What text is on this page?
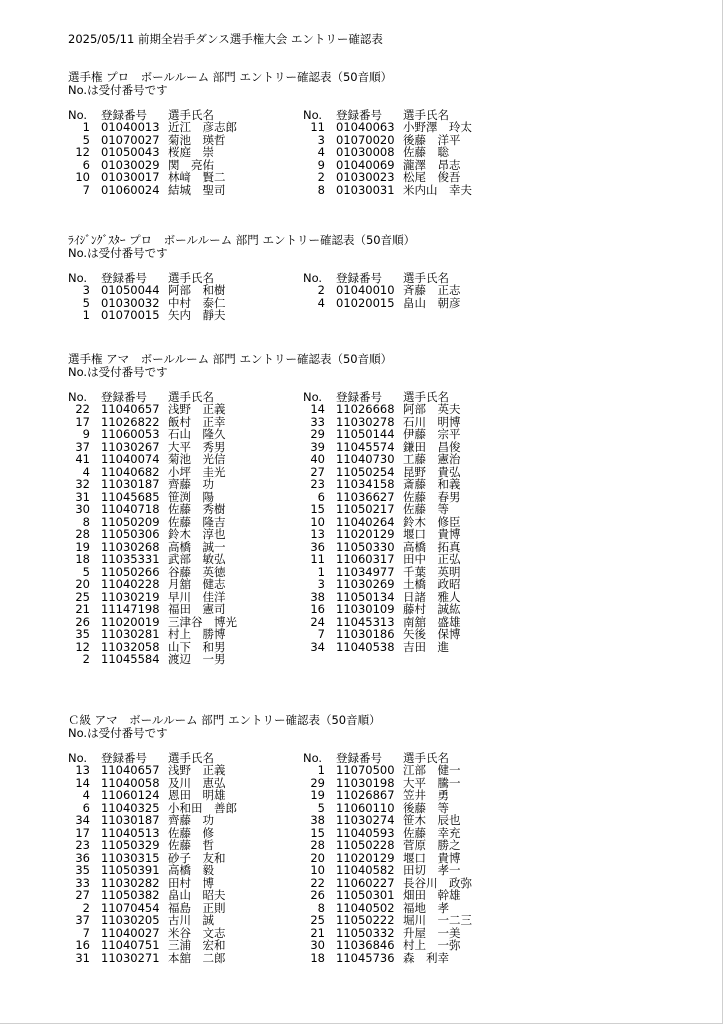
2025/05/11 前期全岩手ダンス選手権大会 エントリー確認表
選手権 プロ　ボールルーム 部門 エントリー確認表（50音順）
No.は受付番号です
No. 登録番号 選手氏名
1 01040013 近江　彦志郎
5 01070027 菊池　瑛哲
12 01050043 桜庭　崇
6 01030029 関　亮佑
10 01030017 林﨑　賢二
7 01060024 結城　聖司
No. 登録番号 選手氏名
11 01040063 小野澤　玲太
3 01070020 後藤　洋平
4 01030008 佐藤　聡
9 01040069 瀧澤　昂志
2 01030023 松尾　俊吾
8 01030031 米内山　幸夫
ﾗｲｼﾞﾝｸﾞｽﾀｰ プロ　ボールルーム 部門 エントリー確認表（50音順）
No.は受付番号です
No. 登録番号 選手氏名
3 01050044 阿部　和樹
5 01030032 中村　泰仁
1 01070015 矢内　靜夫
No. 登録番号 選手氏名
2 01040010 斉藤　正志
4 01020015 畠山　朝彦
選手権 アマ　ボールルーム 部門 エントリー確認表（50音順）
No.は受付番号です
No. 登録番号 選手氏名
22 11040657 浅野　正義
17 11026822 飯村　正幸
9 11060053 石山　隆久
37 11030267 大平　秀男
41 11040074 菊池　光信
4 11040682 小坪　圭光
32 11030187 齊藤　功
31 11045685 笹渕　陽
30 11040718 佐藤　秀樹
8 11050209 佐藤　隆吉
28 11050306 鈴木　淳也
19 11030268 高橋　誠一
18 11035331 武部　敏弘
5 11050266 谷藤　英徳
20 11040228 月舘　健志
25 11030219 早川　佳洋
21 11147198 福田　憲司
26 11020019 三津谷　博光
35 11030281 村上　勝博
12 11032058 山下　和男
2 11045584 渡辺　一男
No. 登録番号 選手氏名
14 11026668 阿部　英夫
33 11030278 石川　明博
29 11050144 伊藤　宗平
39 11045574 鎌田　昌俊
40 11040730 工藤　憲治
27 11050254 昆野　貴弘
23 11034158 斎藤　和義
6 11036627 佐藤　春男
15 11050217 佐藤　等
10 11040264 鈴木　修臣
13 11020129 堰口　貴博
36 11050330 高橋　拓真
11 11060317 田中　正弘
1 11034977 千葉　英明
3 11030269 土橋　政昭
38 11050134 日諸　雅人
16 11030109 藤村　誠紘
24 11045313 南舘　盛雄
7 11030186 矢後　保博
34 11040538 吉田　進
Ｃ級 アマ　ボールルーム 部門 エントリー確認表（50音順）
No.は受付番号です
No. 登録番号 選手氏名
13 11040657 浅野　正義
14 11040058 及川　恵弘
4 11060124 恩田　明雄
6 11040325 小和田　善郎
34 11030187 齊藤　功
17 11040513 佐藤　修
23 11050329 佐藤　哲
36 11030315 砂子　友和
35 11050391 高橋　毅
33 11030282 田村　博
27 11050382 畠山　昭夫
2 11070454 福島　正則
37 11030205 古川　誠
7 11040027 米谷　文志
16 11040751 三浦　宏和
31 11030271 本舘　二郎
No. 登録番号 選手氏名
1 11070500 江部　健一
29 11030198 大平　騰一
19 11026867 笠井　勇
5 11060110 後藤　等
38 11030274 笹木　辰也
15 11040593 佐藤　幸充
28 11050228 菅原　勝之
20 11020129 堰口　貴博
10 11040582 田切　孝一
22 11060227 長谷川　政弥
26 11050301 畑田　幹雄
8 11040502 福地　孝
25 11050222 堀川　一二三
21 11050332 升屋　一美
30 11036846 村上　一弥
18 11045736 森　利幸
